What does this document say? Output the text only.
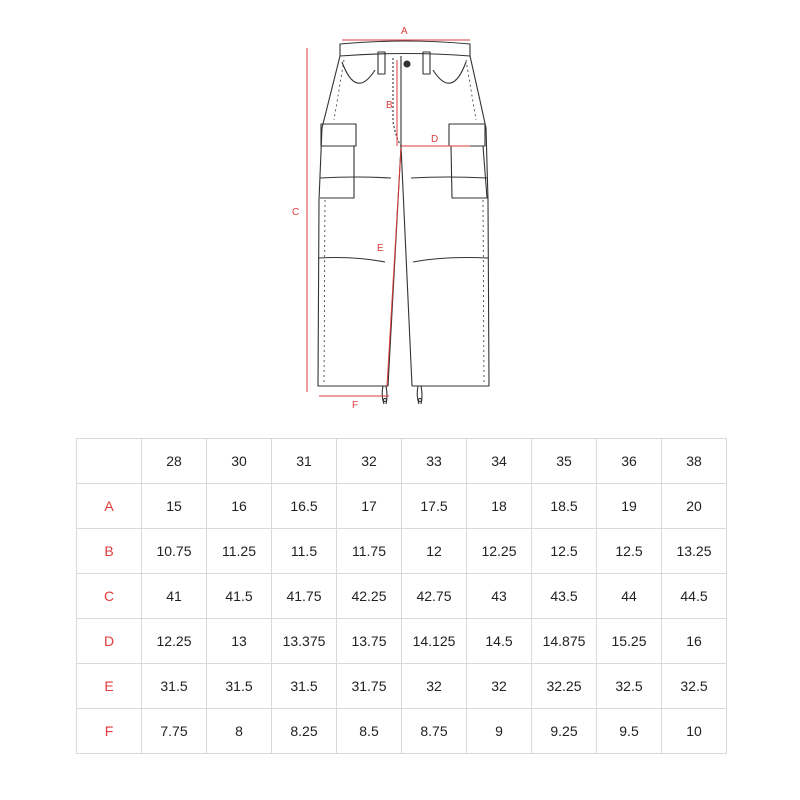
A
B
C
D
E
F
	28	30	31	32	33	34	35	36	38
A	15	16	16.5	17	17.5	18	18.5	19	20
B	10.75	11.25	11.5	11.75	12	12.25	12.5	12.5	13.25
C	41	41.5	41.75	42.25	42.75	43	43.5	44	44.5
D	12.25	13	13.375	13.75	14.125	14.5	14.875	15.25	16
E	31.5	31.5	31.5	31.75	32	32	32.25	32.5	32.5
F	7.75	8	8.25	8.5	8.75	9	9.25	9.5	10
